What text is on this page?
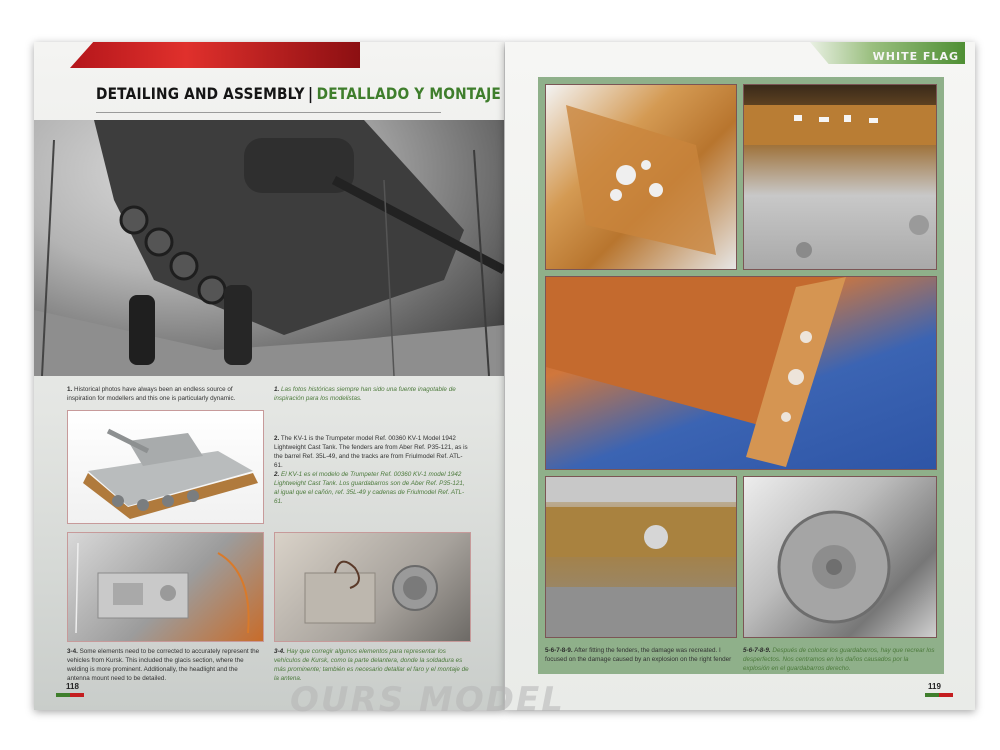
DETAILING AND ASSEMBLY | DETALLADO Y MONTAJE
1. Historical photos have always been an endless source of inspiration for modellers and this one is particularly dynamic.
1. Las fotos históricas siempre han sido una fuente inagotable de inspiración para los modelistas.
2. The KV-1 is the Trumpeter model Ref. 00360 KV-1 Model 1942 Lightweight Cast Tank. The fenders are from Aber Ref. P35-121, as is the barrel Ref. 35L-49, and the tracks are from Friulmodel Ref. ATL-61.
2. El KV-1 es el modelo de Trumpeter Ref. 00360 KV-1 model 1942 Lightweight Cast Tank. Los guardabarros son de Aber Ref. P35-121, al igual que el cañón, ref. 35L-49 y cadenas de Friulmodel Ref. ATL-61.
3-4. Some elements need to be corrected to accurately represent the vehicles from Kursk. This included the glacis section, where the welding is more prominent. Additionally, the headlight and the antenna mount need to be detailed.
3-4. Hay que corregir algunos elementos para representar los vehículos de Kursk, como la parte delantera, donde la soldadura es más prominente; también es necesario detallar el faro y el montaje de la antena.
118
WHITE FLAG
5-6-7-8-9. After fitting the fenders, the damage was recreated. I focused on the damage caused by an explosion on the right fender
5-6-7-8-9. Después de colocar los guardabarros, hay que recrear los desperfectos. Nos centramos en los daños causados por la explosión en el guardabarros derecho.
119
OURS MODEL
